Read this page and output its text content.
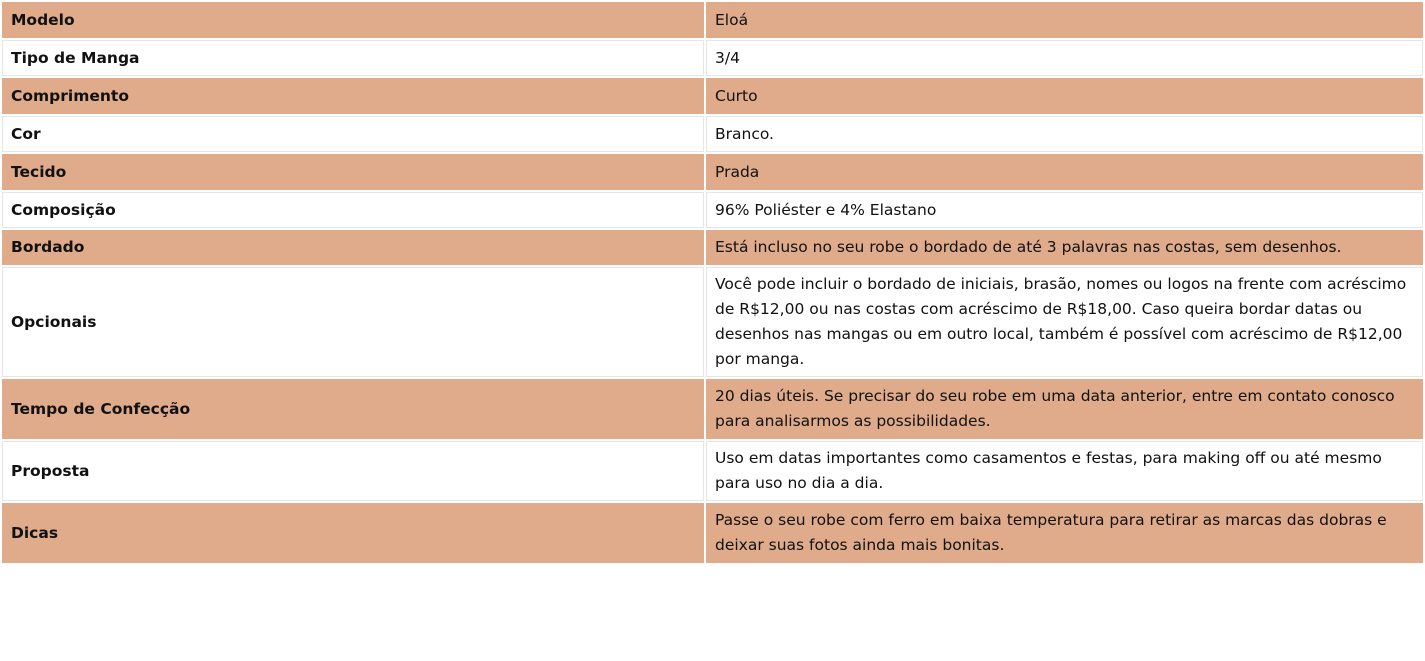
Modelo	Eloá
Tipo de Manga	3/4
Comprimento	Curto
Cor	Branco.
Tecido	Prada
Composição	96% Poliéster e 4% Elastano
Bordado	Está incluso no seu robe o bordado de até 3 palavras nas costas, sem desenhos.
Opcionais	Você pode incluir o bordado de iniciais, brasão, nomes ou logos na frente com acréscimo de R$12,00 ou nas costas com acréscimo de R$18,00. Caso queira bordar datas ou desenhos nas mangas ou em outro local, também é possível com acréscimo de R$12,00 por manga.
Tempo de Confecção	20 dias úteis. Se precisar do seu robe em uma data anterior, entre em contato conosco para analisarmos as possibilidades.
Proposta	Uso em datas importantes como casamentos e festas, para making off ou até mesmo para uso no dia a dia.
Dicas	Passe o seu robe com ferro em baixa temperatura para retirar as marcas das dobras e deixar suas fotos ainda mais bonitas.
